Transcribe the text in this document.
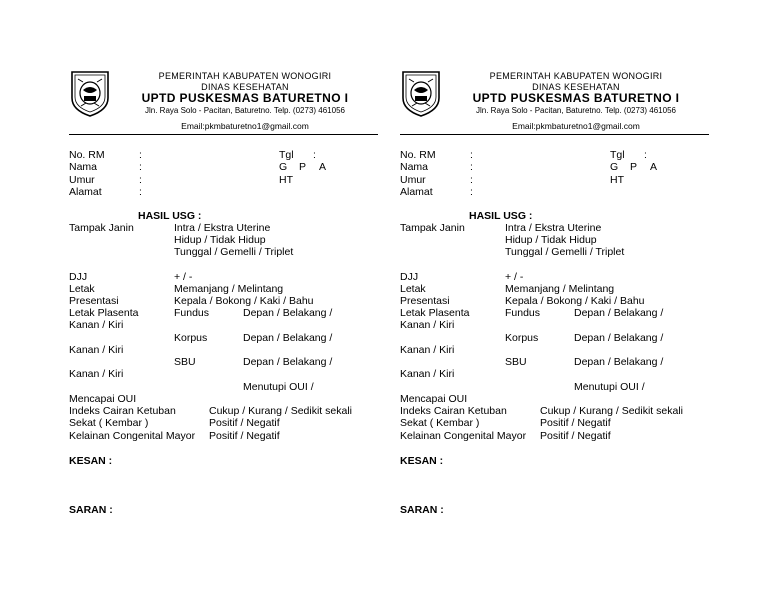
PEMERINTAH KABUPATEN WONOGIRI
DINAS KESEHATAN
UPTD PUSKESMAS BATURETNO I
Jln. Raya Solo - Pacitan, Baturetno. Telp. (0273) 461056
Email:pkmbaturetno1@gmail.com
No. RM	:	Tgl :
Nama	:	G P A
Umur	:	HT
Alamat	:
HASIL USG :
Tampak Janin	Intra / Ekstra Uterine
Hidup / Tidak Hidup
Tunggal / Gemelli / Triplet
DJJ	+ / -
Letak	Memanjang / Melintang
Presentasi	Kepala / Bokong / Kaki / Bahu
Letak Plasenta	Fundus	Depan / Belakang /
Kanan / Kiri
Korpus	Depan / Belakang /
Kanan / Kiri
SBU	Depan / Belakang /
Kanan / Kiri
Menutupi OUI /
Mencapai OUI
Indeks Cairan Ketuban	Cukup / Kurang / Sedikit sekali
Sekat ( Kembar )	Positif / Negatif
Kelainan Congenital Mayor Positif / Negatif
KESAN :
SARAN :
PEMERINTAH KABUPATEN WONOGIRI
DINAS KESEHATAN
UPTD PUSKESMAS BATURETNO I
Jln. Raya Solo - Pacitan, Baturetno. Telp. (0273) 461056
Email:pkmbaturetno1@gmail.com
No. RM	:	Tgl :
Nama	:	G P A
Umur	:	HT
Alamat	:
HASIL USG :
Tampak Janin	Intra / Ekstra Uterine
Hidup / Tidak Hidup
Tunggal / Gemelli / Triplet
DJJ	+ / -
Letak	Memanjang / Melintang
Presentasi	Kepala / Bokong / Kaki / Bahu
Letak Plasenta	Fundus	Depan / Belakang /
Kanan / Kiri
Korpus	Depan / Belakang /
Kanan / Kiri
SBU	Depan / Belakang /
Kanan / Kiri
Menutupi OUI /
Mencapai OUI
Indeks Cairan Ketuban	Cukup / Kurang / Sedikit sekali
Sekat ( Kembar )	Positif / Negatif
Kelainan Congenital Mayor Positif / Negatif
KESAN :
SARAN :
